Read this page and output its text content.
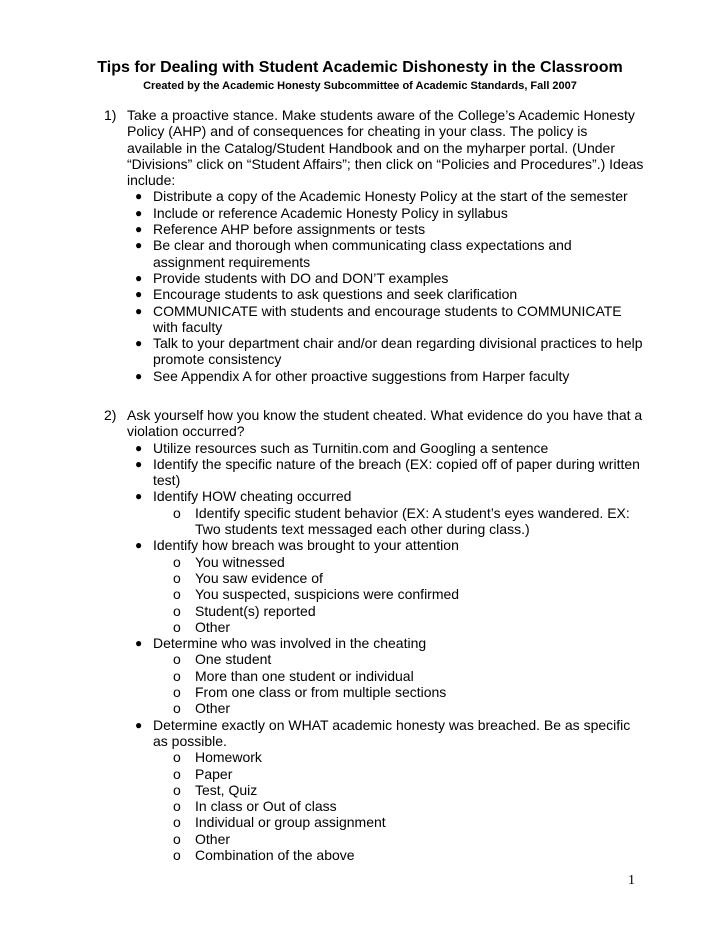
Tips for Dealing with Student Academic Dishonesty in the Classroom

Created by the Academic Honesty Subcommittee of Academic Standards, Fall 2007

1) Take a proactive stance. Make students aware of the College’s Academic Honesty Policy (AHP) and of consequences for cheating in your class. The policy is available in the Catalog/Student Handbook and on the myharper portal. (Under “Divisions” click on “Student Affairs”; then click on “Policies and Procedures”.) Ideas include:
● Distribute a copy of the Academic Honesty Policy at the start of the semester
● Include or reference Academic Honesty Policy in syllabus
● Reference AHP before assignments or tests
● Be clear and thorough when communicating class expectations and assignment requirements
● Provide students with DO and DON’T examples
● Encourage students to ask questions and seek clarification
● COMMUNICATE with students and encourage students to COMMUNICATE with faculty
● Talk to your department chair and/or dean regarding divisional practices to help promote consistency
● See Appendix A for other proactive suggestions from Harper faculty
2) Ask yourself how you know the student cheated. What evidence do you have that a violation occurred?
● Utilize resources such as Turnitin.com and Googling a sentence
● Identify the specific nature of the breach (EX: copied off of paper during written test)
● Identify HOW cheating occurred
o Identify specific student behavior (EX: A student’s eyes wandered. EX: Two students text messaged each other during class.)
● Identify how breach was brought to your attention
o You witnessed
o You saw evidence of
o You suspected, suspicions were confirmed
o Student(s) reported
o Other
● Determine who was involved in the cheating
o One student
o More than one student or individual
o From one class or from multiple sections
o Other
● Determine exactly on WHAT academic honesty was breached. Be as specific as possible.
o Homework
o Paper
o Test, Quiz
o In class or Out of class
o Individual or group assignment
o Other
o Combination of the above
1
